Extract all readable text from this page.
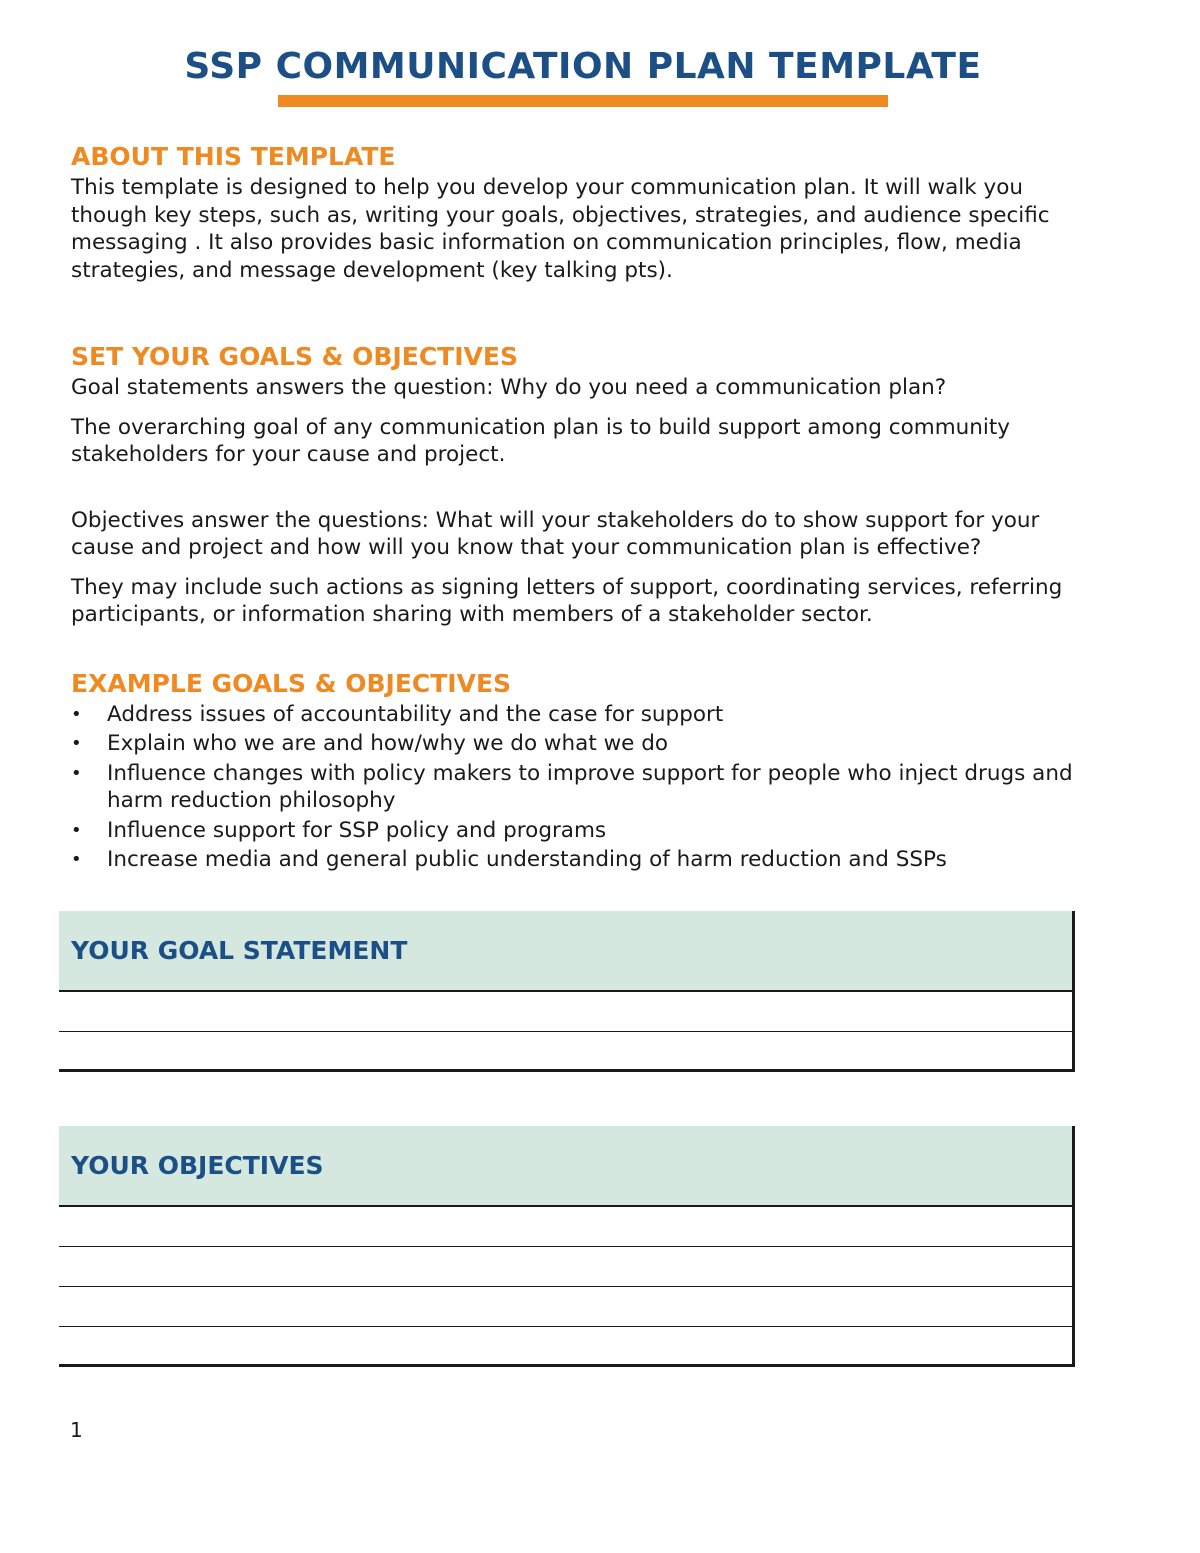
SSP COMMUNICATION PLAN TEMPLATE
ABOUT THIS TEMPLATE

This template is designed to help you develop your communication plan. It will walk you though key steps, such as, writing your goals, objectives, strategies, and audience specific messaging . It also provides basic information on communication principles, flow, media strategies, and message development (key talking pts).

SET YOUR GOALS & OBJECTIVES

Goal statements answers the question: Why do you need a communication plan?

The overarching goal of any communication plan is to build support among community stakeholders for your cause and project.

Objectives answer the questions: What will your stakeholders do to show support for your cause and project and how will you know that your communication plan is effective?

They may include such actions as signing letters of support, coordinating services, referring participants, or information sharing with members of a stakeholder sector.

EXAMPLE GOALS & OBJECTIVES
• Address issues of accountability and the case for support
• Explain who we are and how/why we do what we do
• Influence changes with policy makers to improve support for people who inject drugs and harm reduction philosophy
• Influence support for SSP policy and programs
• Increase media and general public understanding of harm reduction and SSPs
YOUR GOAL STATEMENT
YOUR OBJECTIVES
1
